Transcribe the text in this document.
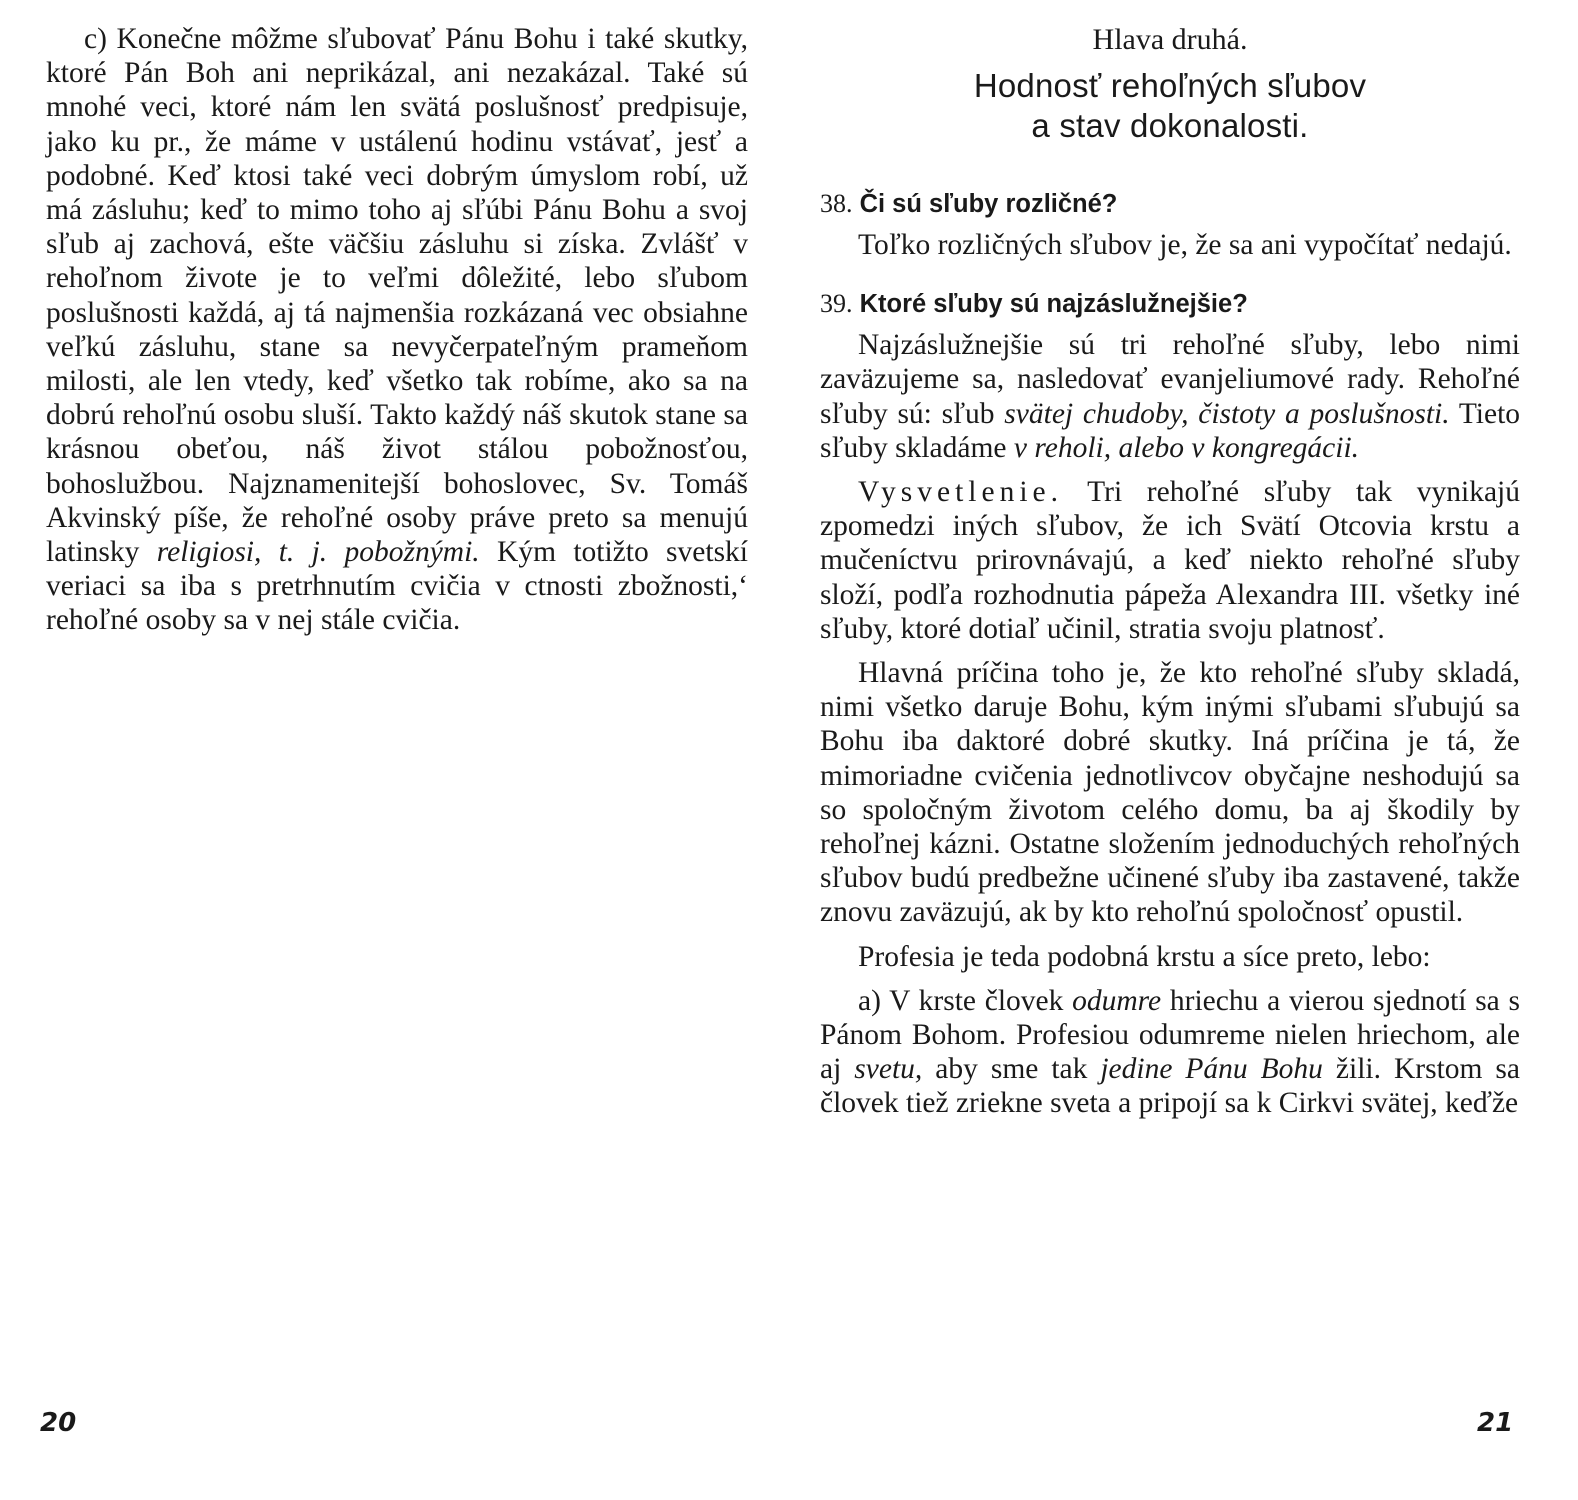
c) Konečne môžme sľubovať Pánu Bohu i také skutky, ktoré Pán Boh ani neprikázal, ani nezakázal. Také sú mnohé veci, ktoré nám len svätá poslušnosť predpisuje, jako ku pr., že máme v ustálenú hodinu vstávať, jesť a podobné. Keď ktosi také veci dobrým úmyslom robí, už má zásluhu; keď to mimo toho aj sľúbi Pánu Bohu a svoj sľub aj zachová, ešte väčšiu zásluhu si získa. Zvlášť v rehoľnom živote je to veľmi dôležité, lebo sľubom poslušnosti každá, aj tá najmenšia rozkázaná vec obsiahne veľkú zásluhu, stane sa nevyčerpateľným prameňom milosti, ale len vtedy, keď všetko tak robíme, ako sa na dobrú rehoľnú osobu sluší. Takto každý náš skutok stane sa krásnou obeťou, náš život stálou pobožnosťou, bohoslužbou. Najznamenitejší bohoslovec, Sv. Tomáš Akvinský píše, že rehoľné osoby práve preto sa menujú latinsky religiosi, t. j. pobožnými. Kým totižto svetskí veriaci sa iba s pretrhnutím cvičia v ctnosti zbožnosti,‘ rehoľné osoby sa v nej stále cvičia.

20
Hlava druhá.
Hodnosť rehoľných sľubov
a stav dokonalosti.
38. Či sú sľuby rozličné?

Toľko rozličných sľubov je, že sa ani vypočítať nedajú.

39. Ktoré sľuby sú najzáslužnejšie?

Najzáslužnejšie sú tri rehoľné sľuby, lebo nimi zaväzujeme sa, nasledovať evanjeliumové rady. Rehoľné sľuby sú: sľub svätej chudoby, čistoty a poslušnosti. Tieto sľuby skladáme v reholi, alebo v kongregácii.

Vysvetlenie. Tri rehoľné sľuby tak vynikajú zpomedzi iných sľubov, že ich Svätí Otcovia krstu a mučeníctvu prirovnávajú, a keď niekto rehoľné sľuby složí, podľa rozhodnutia pápeža Alexandra III. všetky iné sľuby, ktoré dotiaľ učinil, stratia svoju platnosť.

Hlavná príčina toho je, že kto rehoľné sľuby skladá, nimi všetko daruje Bohu, kým inými sľubami sľubujú sa Bohu iba daktoré dobré skutky. Iná príčina je tá, že mimoriadne cvičenia jednotlivcov obyčajne neshodujú sa so spoločným životom celého domu, ba aj škodily by rehoľnej kázni. Ostatne složením jednoduchých rehoľných sľubov budú predbežne učinené sľuby iba zastavené, takže znovu zaväzujú, ak by kto rehoľnú spoločnosť opustil.

Profesia je teda podobná krstu a síce preto, lebo:

a) V krste človek odumre hriechu a vierou sjednotí sa s Pánom Bohom. Profesiou odumreme nielen hriechom, ale aj svetu, aby sme tak jedine Pánu Bohu žili. Krstom sa človek tiež zriekne sveta a pripojí sa k Cirkvi svätej, keďže

21
